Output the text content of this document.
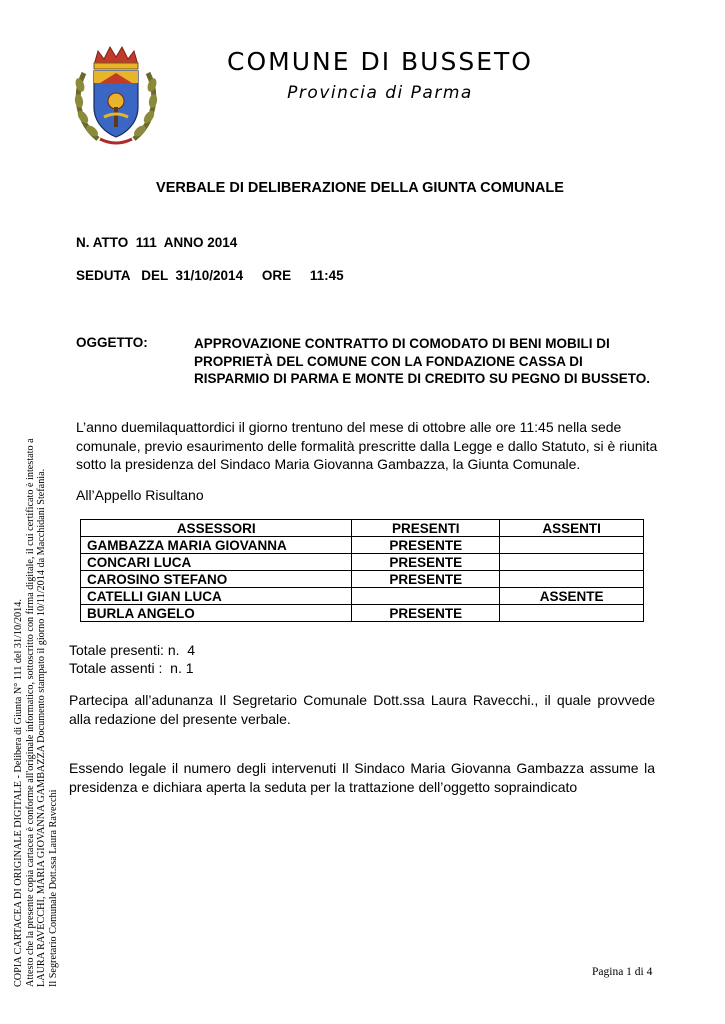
COMUNE DI BUSSETO
Provincia di Parma
VERBALE DI DELIBERAZIONE DELLA GIUNTA COMUNALE
N. ATTO  111  ANNO 2014
SEDUTA   DEL  31/10/2014     ORE     11:45
OGGETTO:	APPROVAZIONE CONTRATTO DI COMODATO DI BENI MOBILI DI PROPRIETÀ DEL COMUNE CON LA FONDAZIONE CASSA DI RISPARMIO DI PARMA E MONTE DI CREDITO SU PEGNO DI BUSSETO.
L’anno duemilaquattordici il giorno trentuno del mese di ottobre alle ore 11:45 nella sede comunale, previo esaurimento delle formalità prescritte dalla Legge e dallo Statuto, si è riunita sotto la presidenza del Sindaco Maria Giovanna Gambazza, la Giunta Comunale.
All’Appello Risultano
ASSESSORI	PRESENTI	ASSENTI
GAMBAZZA MARIA GIOVANNA	PRESENTE	
CONCARI LUCA	PRESENTE	
CAROSINO STEFANO	PRESENTE	
CATELLI GIAN LUCA		ASSENTE
BURLA ANGELO	PRESENTE	
Totale presenti: n.  4
Totale assenti :  n. 1
Partecipa all’adunanza Il Segretario Comunale Dott.ssa Laura Ravecchi., il quale provvede alla redazione del presente verbale.
Essendo legale il numero degli intervenuti Il Sindaco Maria Giovanna Gambazza assume la presidenza e dichiara aperta la seduta per la trattazione dell’oggetto sopraindicato
Pagina 1 di 4
COPIA CARTACEA DI ORIGINALE DIGITALE - Delibera di Giunta N° 111 del 31/10/2014. Attesto che la presente copia cartacea è conforme all'originale informatico, sottoscritto con firma digitale, il cui certificato è intestato a LAURA RAVECCHI, MARIA GIOVANNA GAMBAZZA Documento stampato il giorno 10/11/2014 da Macchidani Stefania. Il Segretario Comunale Dott.ssa Laura Ravecchi
